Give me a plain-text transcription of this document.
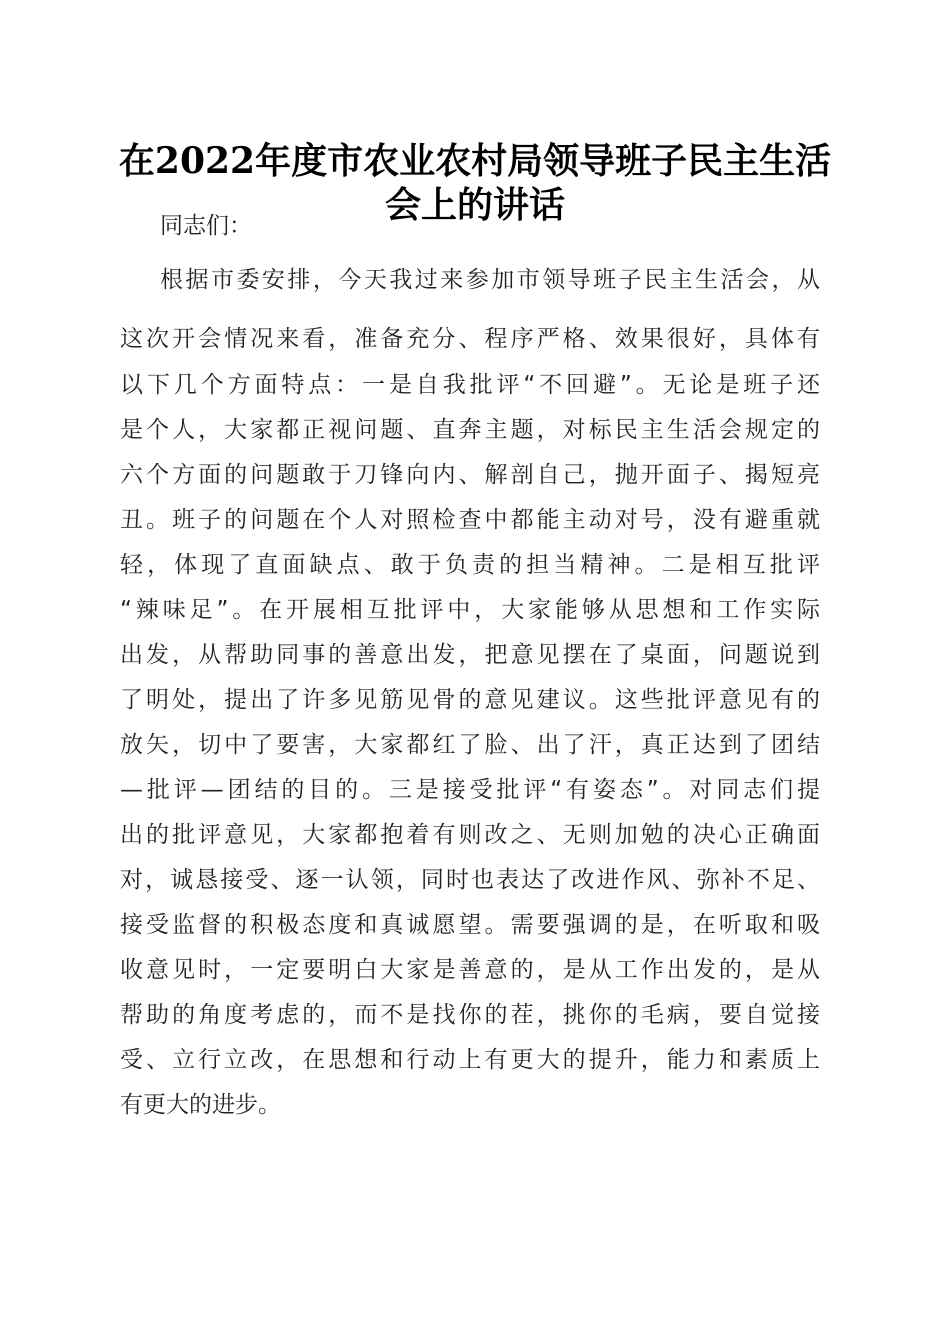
在2022年度市农业农村局领导班子民主生活
会上的讲话

同志们：

根据市委安排，今天我过来参加市领导班子民主生活会，从

这次开会情况来看，准备充分、程序严格、效果很好，具体有

以下几个方面特点：一是自我批评“不回避”。无论是班子还

是个人，大家都正视问题、直奔主题，对标民主生活会规定的

六个方面的问题敢于刀锋向内、解剖自己，抛开面子、揭短亮

丑。班子的问题在个人对照检查中都能主动对号，没有避重就

轻，体现了直面缺点、敢于负责的担当精神。二是相互批评

“辣味足”。在开展相互批评中，大家能够从思想和工作实际

出发，从帮助同事的善意出发，把意见摆在了桌面，问题说到

了明处，提出了许多见筋见骨的意见建议。这些批评意见有的

放矢，切中了要害，大家都红了脸、出了汗，真正达到了团结

—批评—团结的目的。三是接受批评“有姿态”。对同志们提

出的批评意见，大家都抱着有则改之、无则加勉的决心正确面

对，诚恳接受、逐一认领，同时也表达了改进作风、弥补不足、

接受监督的积极态度和真诚愿望。需要强调的是，在听取和吸

收意见时，一定要明白大家是善意的，是从工作出发的，是从

帮助的角度考虑的，而不是找你的茬，挑你的毛病，要自觉接

受、立行立改，在思想和行动上有更大的提升，能力和素质上

有更大的进步。
